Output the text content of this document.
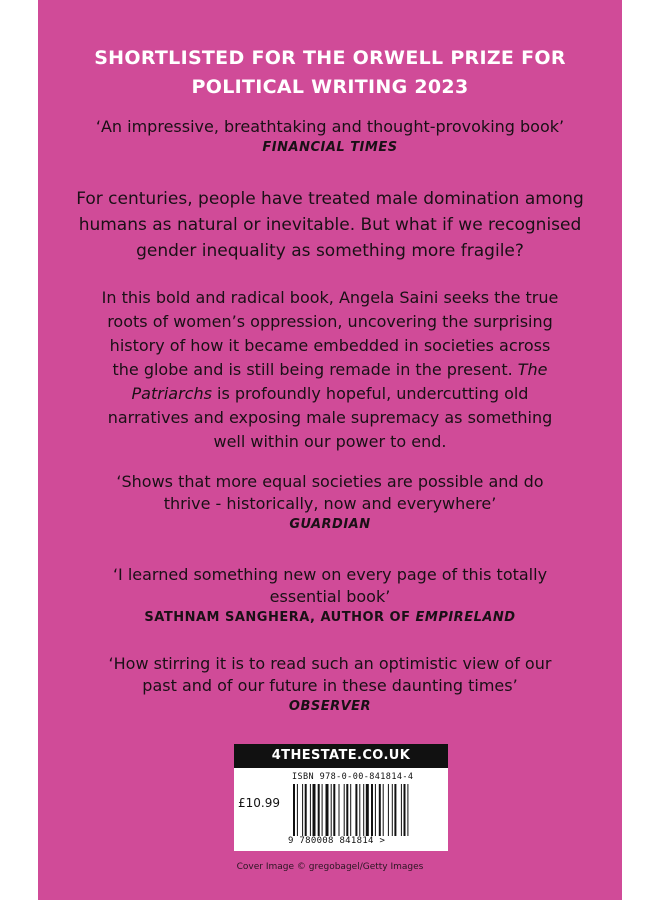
SHORTLISTED FOR THE ORWELL PRIZE FOR
POLITICAL WRITING 2023
‘An impressive, breathtaking and thought-provoking book’
FINANCIAL TIMES
For centuries, people have treated male domination among
humans as natural or inevitable. But what if we recognised
gender inequality as something more fragile?
In this bold and radical book, Angela Saini seeks the true
roots of women’s oppression, uncovering the surprising
history of how it became embedded in societies across
the globe and is still being remade in the present. The
Patriarchs is profoundly hopeful, undercutting old
narratives and exposing male supremacy as something
well within our power to end.
‘Shows that more equal societies are possible and do
thrive - historically, now and everywhere’
GUARDIAN
‘I learned something new on every page of this totally
essential book’
SATHNAM SANGHERA, AUTHOR OF EMPIRELAND
‘How stirring it is to read such an optimistic view of our
past and of our future in these daunting times’
OBSERVER
4THESTATE.CO.UK
ISBN 978-0-00-841814-4
£10.99
9 780008 841814 >
Cover Image © gregobagel/Getty Images
